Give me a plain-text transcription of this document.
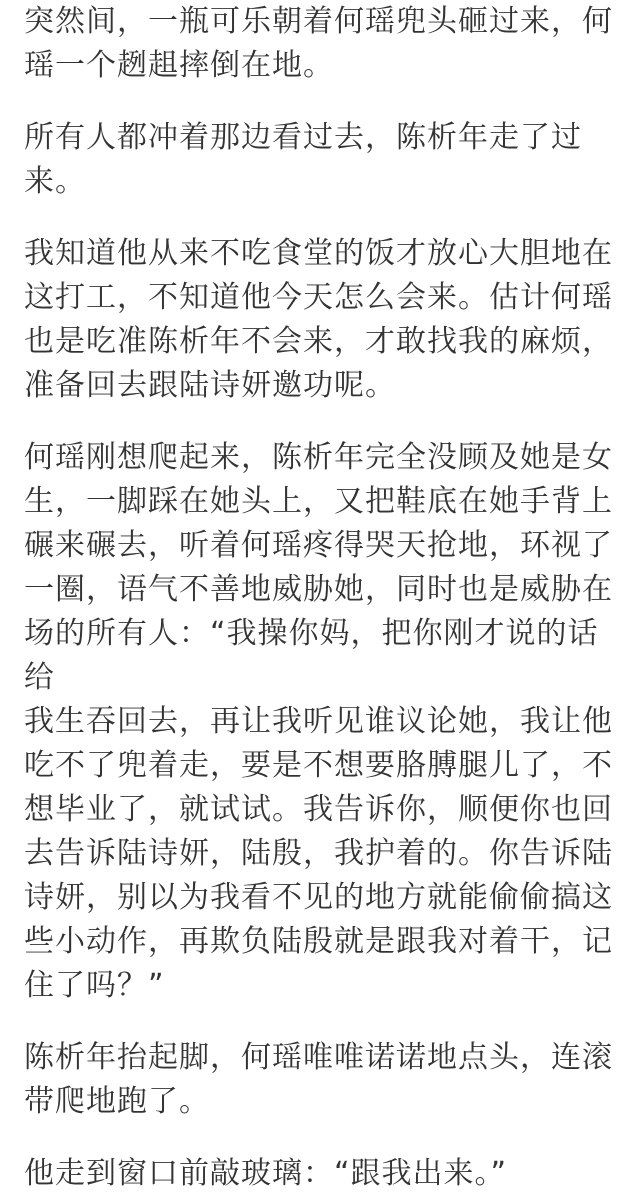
突然间，一瓶可乐朝着何瑶兜头砸过来，何
瑶一个趔趄摔倒在地。

所有人都冲着那边看过去，陈析年走了过
来。

我知道他从来不吃食堂的饭才放心大胆地在
这打工，不知道他今天怎么会来。估计何瑶
也是吃准陈析年不会来，才敢找我的麻烦，
准备回去跟陆诗妍邀功呢。

何瑶刚想爬起来，陈析年完全没顾及她是女
生，一脚踩在她头上，又把鞋底在她手背上
碾来碾去，听着何瑶疼得哭天抢地，环视了
一圈，语气不善地威胁她，同时也是威胁在
场的所有人：“我操你妈，把你刚才说的话给
我生吞回去，再让我听见谁议论她，我让他
吃不了兜着走，要是不想要胳膊腿儿了，不
想毕业了，就试试。我告诉你，顺便你也回
去告诉陆诗妍，陆殷，我护着的。你告诉陆
诗妍，别以为我看不见的地方就能偷偷搞这
些小动作，再欺负陆殷就是跟我对着干，记
住了吗？”

陈析年抬起脚，何瑶唯唯诺诺地点头，连滚
带爬地跑了。

他走到窗口前敲玻璃：“跟我出来。”
